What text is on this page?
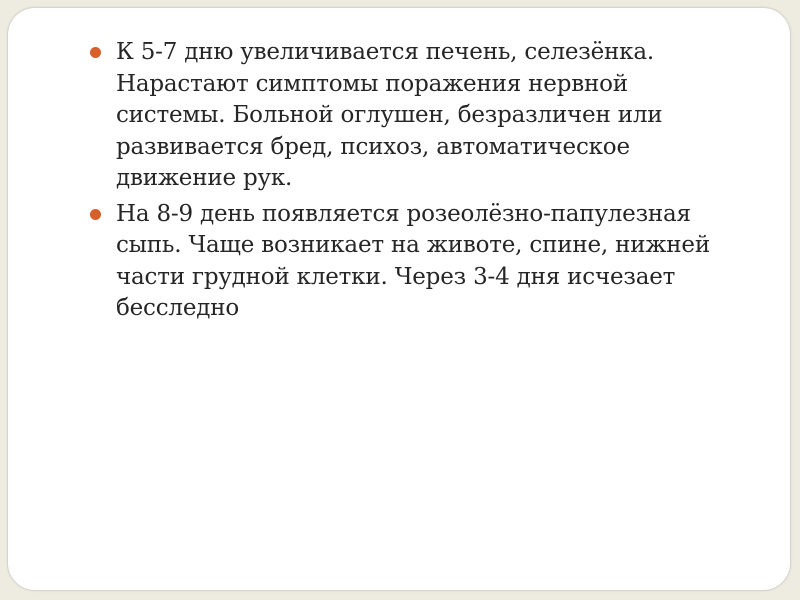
К 5-7 дню увеличивается печень, селезёнка. Нарастают симптомы поражения нервной системы. Больной оглушен, безразличен или развивается бред, психоз, автоматическое движение рук.
На 8-9 день появляется розеолёзно-папулезная сыпь. Чаще возникает на животе, спине, нижней части грудной клетки. Через 3-4 дня исчезает бесследно
